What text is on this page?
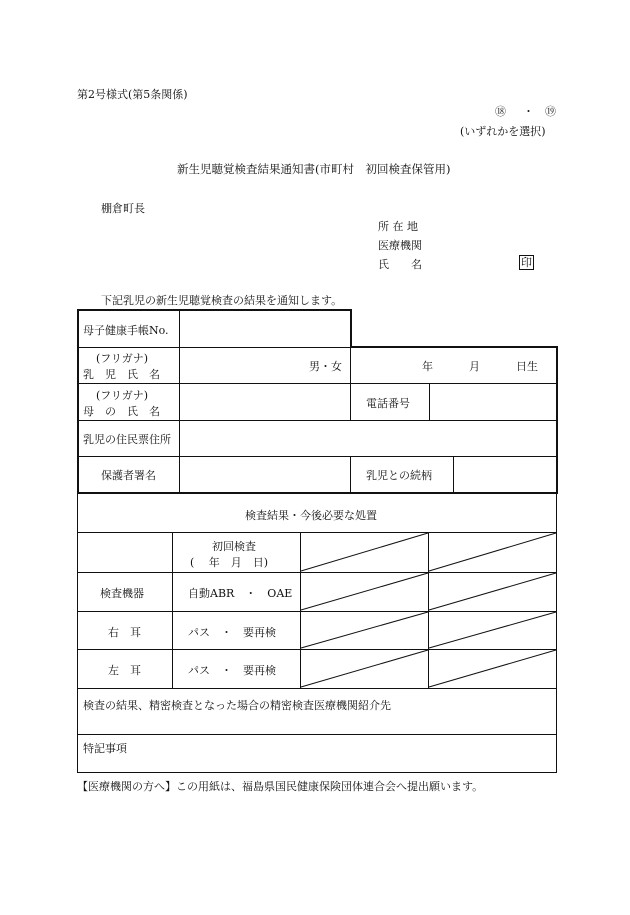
第2号様式(第5条関係)
⑱ ・ ⑲
(いずれかを選択)
新生児聴覚検査結果通知書(市町村　初回検査保管用)
棚倉町長
所 在 地
医療機関
氏　　名	印
下記乳児の新生児聴覚検査の結果を通知します。
母子健康手帳No.
(フリガナ)
乳　児　氏　名
男・女	年	月	日生
(フリガナ)
母　の　氏　名
電話番号
乳児の住民票住所
保護者署名	乳児との続柄
検査結果・今後必要な処置
初回検査
(　 年　月　日)
検査機器	自動ABR　・　OAE
右　耳	パス　・　要再検
左　耳	パス　・　要再検
検査の結果、精密検査となった場合の精密検査医療機関紹介先
特記事項
【医療機関の方へ】この用紙は、福島県国民健康保険団体連合会へ提出願います。
